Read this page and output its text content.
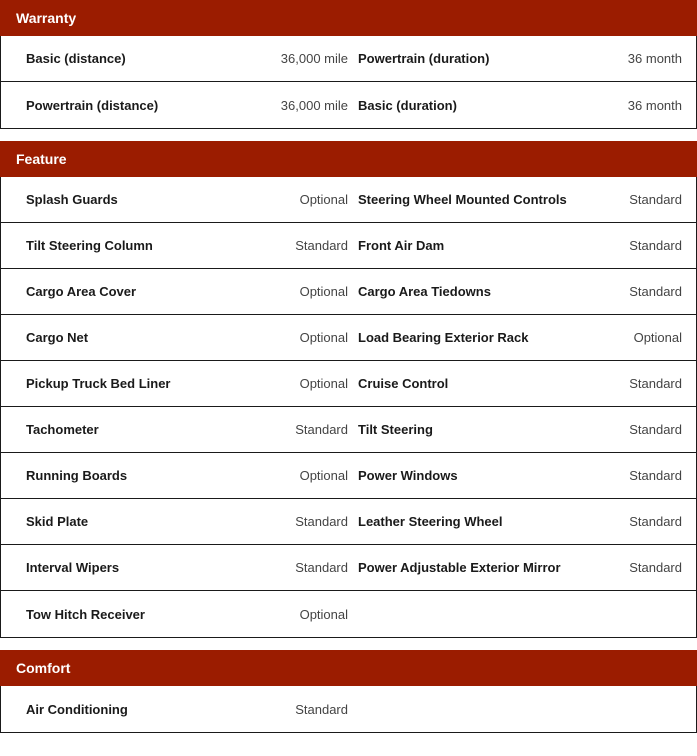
Warranty
Basic (distance)	36,000 mile Powertrain (duration)	36 month
Powertrain (distance)	36,000 mile Basic (duration)	36 month
Feature
Splash Guards	Optional Steering Wheel Mounted Controls	Standard
Tilt Steering Column	Standard Front Air Dam	Standard
Cargo Area Cover	Optional Cargo Area Tiedowns	Standard
Cargo Net	Optional Load Bearing Exterior Rack	Optional
Pickup Truck Bed Liner	Optional Cruise Control	Standard
Tachometer	Standard Tilt Steering	Standard
Running Boards	Optional Power Windows	Standard
Skid Plate	Standard Leather Steering Wheel	Standard
Interval Wipers	Standard Power Adjustable Exterior Mirror	Standard
Tow Hitch Receiver	Optional
Comfort
Air Conditioning	Standard
